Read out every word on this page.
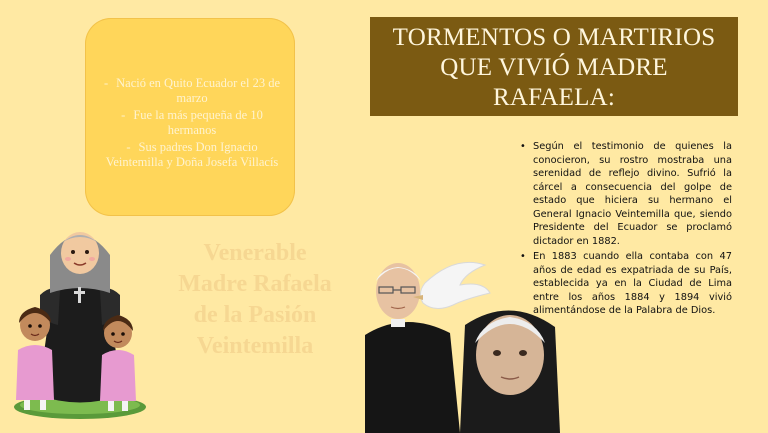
- Nació en Quito Ecuador el 23 de marzo
- Fue la más pequeña de 10 hermanos
- Sus padres Don Ignacio Veintemilla y Doña Josefa Villacís
TORMENTOS O MARTIRIOS
QUE VIVIÓ MADRE
RAFAELA:
Venerable
Madre Rafaela
de la Pasión
Veintemilla
• Según el testimonio de quienes la conocieron, su rostro mostraba una serenidad de reflejo divino. Sufrió la cárcel a consecuencia del golpe de estado que hiciera su hermano el General Ignacio Veintemilla que, siendo Presidente del Ecuador se proclamó dictador en 1882.
• En 1883 cuando ella contaba con 47 años de edad es expatriada de su País, establecida ya en la Ciudad de Lima entre los años 1884 y 1894 vivió alimentándose de la Palabra de Dios.
